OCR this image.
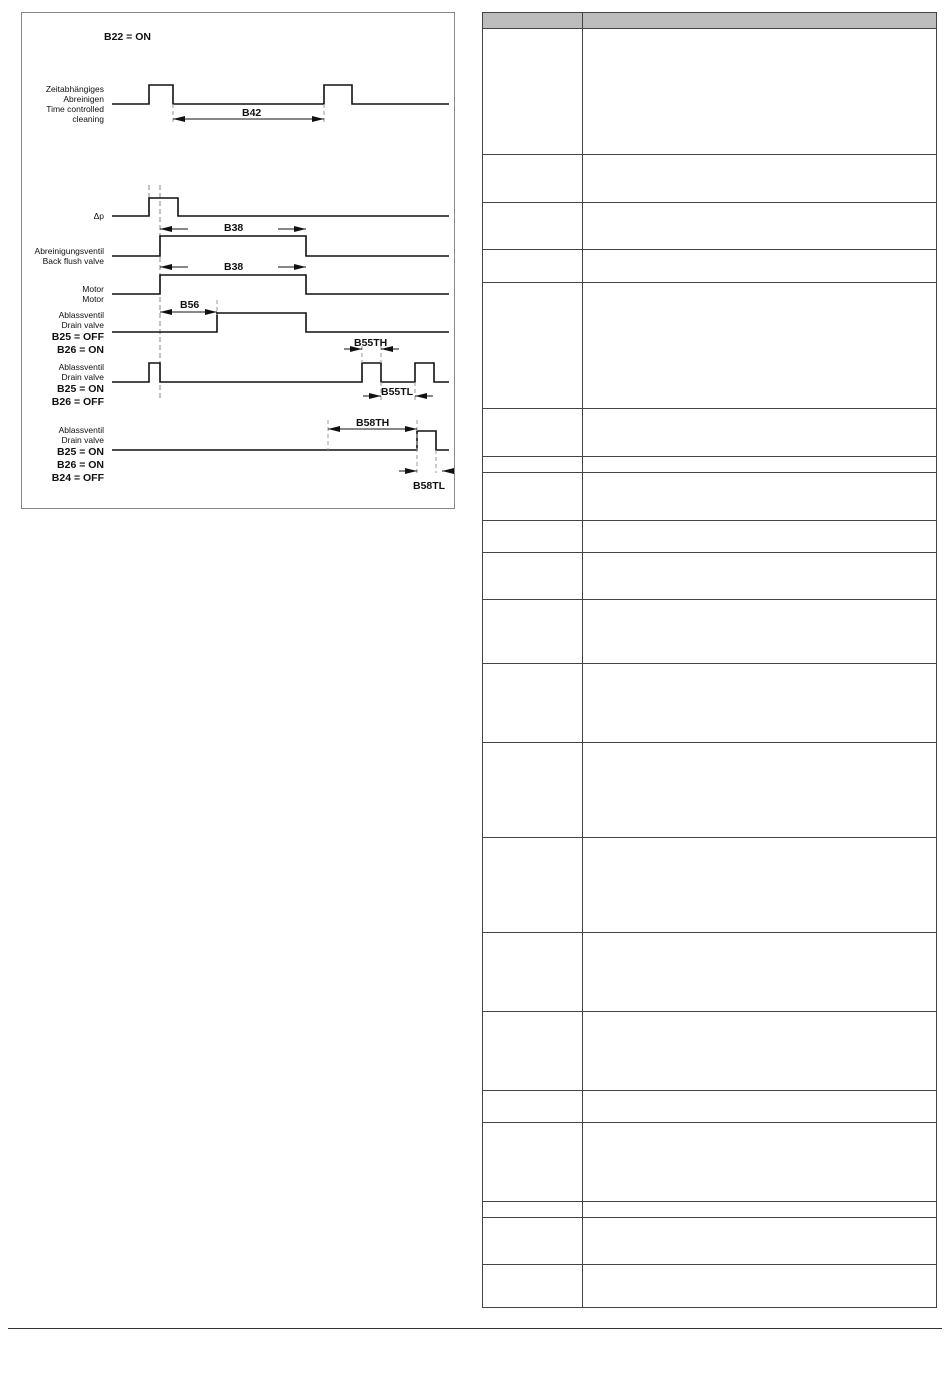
B22 = ON
Zeitabhängiges
Abreinigen
Time controlled
cleaning	B42
Δp
Abreinigungsventil
Back flush valve
B38
Motor
Motor
B38
Ablassventil
Drain valve
B25 = OFF
B26 = ON
B56
Ablassventil
Drain valve
B25 = ON
B26 = OFF
B55TH
B55TL
Ablassventil
Drain valve
B25 = ON
B26 = ON
B24 = OFF
B58TH
B58TL
